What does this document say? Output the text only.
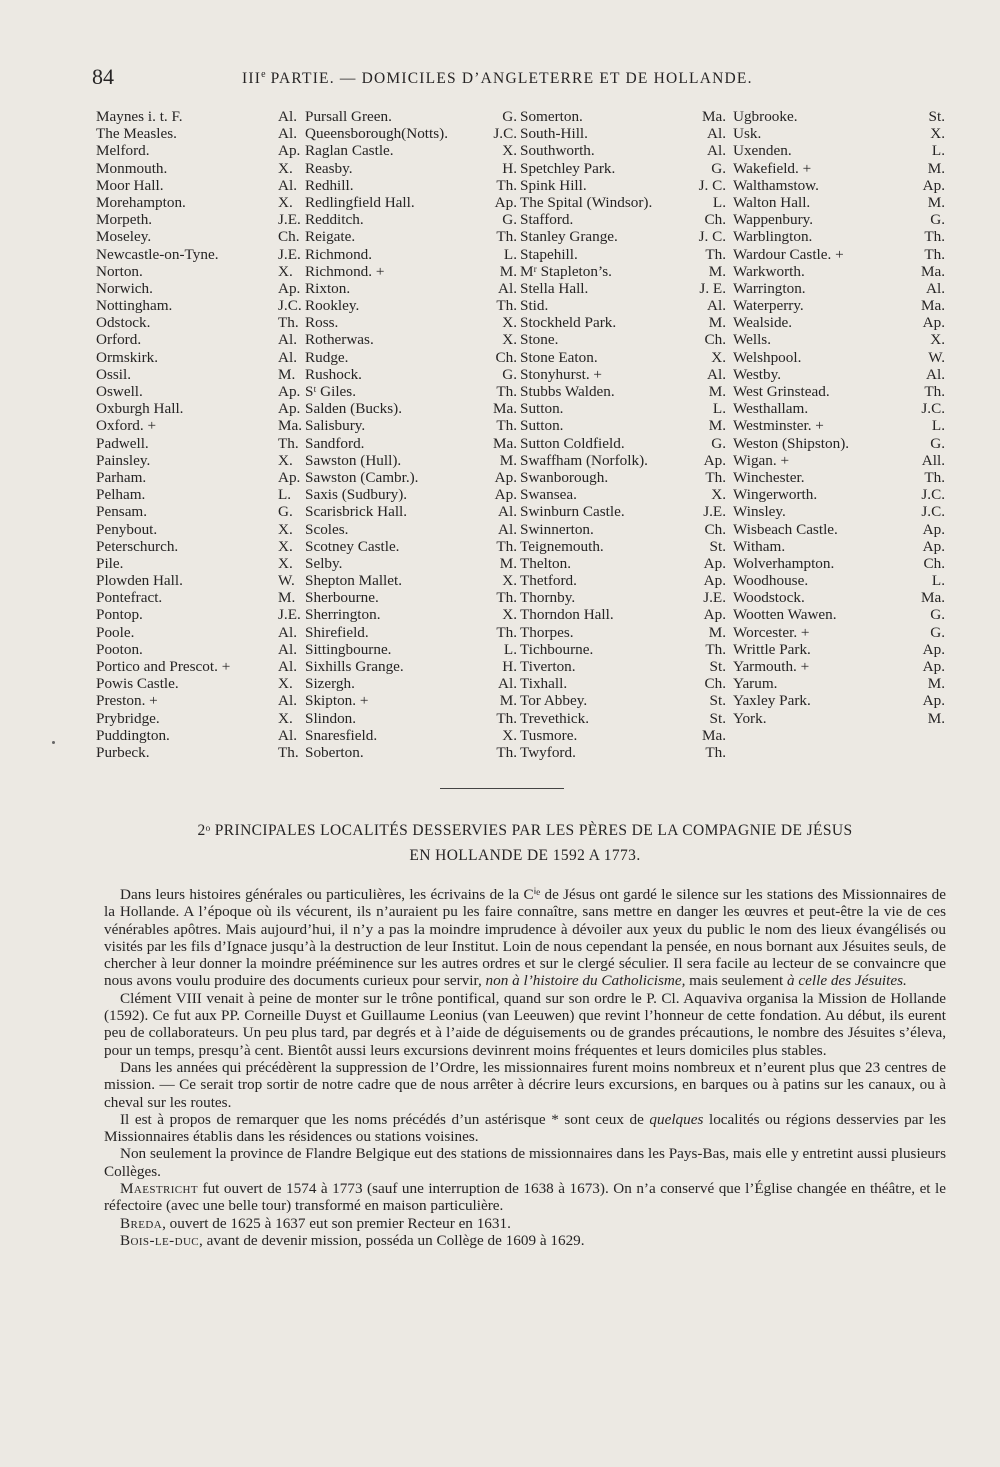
84	IIIe PARTIE. — DOMICILES D’ANGLETERRE ET DE HOLLANDE.
Maynes i. t. F.
The Measles.
Melford.
Monmouth.
Moor Hall.
Morehampton.
Morpeth.
Moseley.
Newcastle-on-Tyne.
Norton.
Norwich.
Nottingham.
Odstock.
Orford.
Ormskirk.
Ossil.
Oswell.
Oxburgh Hall.
Oxford. +
Padwell.
Painsley.
Parham.
Pelham.
Pensam.
Penybout.
Peterschurch.
Pile.
Plowden Hall.
Pontefract.
Pontop.
Poole.
Pooton.
Portico and Prescot. +
Powis Castle.
Preston. +
Prybridge.
Puddington.
Purbeck.
Al.
Al.
Ap.
X.
Al.
X.
J.E.
Ch.
J.E.
X.
Ap.
J.C.
Th.
Al.
Al.
M.
Ap.
Ap.
Ma.
Th.
X.
Ap.
L.
G.
X.
X.
X.
W.
M.
J.E.
Al.
Al.
Al.
X.
Al.
X.
Al.
Th.
Pursall Green.
Queensborough(Notts).
Raglan Castle.
Reasby.
Redhill.
Redlingfield Hall.
Redditch.
Reigate.
Richmond.
Richmond. +
Rixton.
Rookley.
Ross.
Rotherwas.
Rudge.
Rushock.
Sᵗ Giles.
Salden (Bucks).
Salisbury.
Sandford.
Sawston (Hull).
Sawston (Cambr.).
Saxis (Sudbury).
Scarisbrick Hall.
Scoles.
Scotney Castle.
Selby.
Shepton Mallet.
Sherbourne.
Sherrington.
Shirefield.
Sittingbourne.
Sixhills Grange.
Sizergh.
Skipton. +
Slindon.
Snaresfield.
Soberton.
G.
J.C.
X.
H.
Th.
Ap.
G.
Th.
L.
M.
Al.
Th.
X.
X.
Ch.
G.
Th.
Ma.
Th.
Ma.
M.
Ap.
Ap.
Al.
Al.
Th.
M.
X.
Th.
X.
Th.
L.
H.
Al.
M.
Th.
X.
Th.
Somerton.
South-Hill.
Southworth.
Spetchley Park.
Spink Hill.
The Spital (Windsor).
Stafford.
Stanley Grange.
Stapehill.
Mʳ Stapleton’s.
Stella Hall.
Stid.
Stockheld Park.
Stone.
Stone Eaton.
Stonyhurst. +
Stubbs Walden.
Sutton.
Sutton.
Sutton Coldfield.
Swaffham (Norfolk).
Swanborough.
Swansea.
Swinburn Castle.
Swinnerton.
Teignemouth.
Thelton.
Thetford.
Thornby.
Thorndon Hall.
Thorpes.
Tichbourne.
Tiverton.
Tixhall.
Tor Abbey.
Trevethick.
Tusmore.
Twyford.
Ma.
Al.
Al.
G.
J. C.
L.
Ch.
J. C.
Th.
M.
J. E.
Al.
M.
Ch.
X.
Al.
M.
L.
M.
G.
Ap.
Th.
X.
J.E.
Ch.
St.
Ap.
Ap.
J.E.
Ap.
M.
Th.
St.
Ch.
St.
St.
Ma.
Th.
Ugbrooke.
Usk.
Uxenden.
Wakefield. +
Walthamstow.
Walton Hall.
Wappenbury.
Warblington.
Wardour Castle. +
Warkworth.
Warrington.
Waterperry.
Wealside.
Wells.
Welshpool.
Westby.
West Grinstead.
Westhallam.
Westminster. +
Weston (Shipston).
Wigan. +
Winchester.
Wingerworth.
Winsley.
Wisbeach Castle.
Witham.
Wolverhampton.
Woodhouse.
Woodstock.
Wootten Wawen.
Worcester. +
Writtle Park.
Yarmouth. +
Yarum.
Yaxley Park.
York.
St.
X.
L.
M.
Ap.
M.
G.
Th.
Th.
Ma.
Al.
Ma.
Ap.
X.
W.
Al.
Th.
J.C.
L.
G.
All.
Th.
J.C.
J.C.
Ap.
Ap.
Ch.
L.
Ma.
G.
G.
Ap.
Ap.
M.
Ap.
M.
2ᵒ PRINCIPALES LOCALITÉS DESSERVIES PAR LES PÈRES DE LA COMPAGNIE DE JÉSUS
EN HOLLANDE DE 1592 A 1773.

Dans leurs histoires générales ou particulières, les écrivains de la Cⁱᵉ de Jésus ont gardé le silence sur les stations des Missionnaires de la Hollande. A l’époque où ils vécurent, ils n’auraient pu les faire connaître, sans mettre en danger les œuvres et peut-être la vie de ces vénérables apôtres. Mais aujourd’hui, il n’y a pas la moindre imprudence à dévoiler aux yeux du public le nom des lieux évangélisés ou visités par les fils d’Ignace jusqu’à la destruction de leur Institut. Loin de nous cependant la pensée, en nous bornant aux Jésuites seuls, de chercher à leur donner la moindre prééminence sur les autres ordres et sur le clergé séculier. Il sera facile au lecteur de se convaincre que nous avons voulu produire des documents curieux pour servir, non à l’histoire du Catholicisme, mais seulement à celle des Jésuites.

Clément VIII venait à peine de monter sur le trône pontifical, quand sur son ordre le P. Cl. Aquaviva organisa la Mission de Hollande (1592). Ce fut aux PP. Corneille Duyst et Guillaume Leonius (van Leeuwen) que revint l’honneur de cette fondation. Au début, ils eurent peu de collaborateurs. Un peu plus tard, par degrés et à l’aide de déguisements ou de grandes précautions, le nombre des Jésuites s’éleva, pour un temps, presqu’à cent. Bientôt aussi leurs excursions devinrent moins fréquentes et leurs domiciles plus stables.

Dans les années qui précédèrent la suppression de l’Ordre, les missionnaires furent moins nombreux et n’eurent plus que 23 centres de mission. — Ce serait trop sortir de notre cadre que de nous arrêter à décrire leurs excursions, en barques ou à patins sur les canaux, ou à cheval sur les routes.

Il est à propos de remarquer que les noms précédés d’un astérisque * sont ceux de quelques localités ou régions desservies par les Missionnaires établis dans les résidences ou stations voisines.

Non seulement la province de Flandre Belgique eut des stations de missionnaires dans les Pays-Bas, mais elle y entretint aussi plusieurs Collèges.

Maestricht fut ouvert de 1574 à 1773 (sauf une interruption de 1638 à 1673). On n’a conservé que l’Église changée en théâtre, et le réfectoire (avec une belle tour) transformé en maison particulière.

Breda, ouvert de 1625 à 1637 eut son premier Recteur en 1631.

Bois-le-duc, avant de devenir mission, posséda un Collège de 1609 à 1629.
